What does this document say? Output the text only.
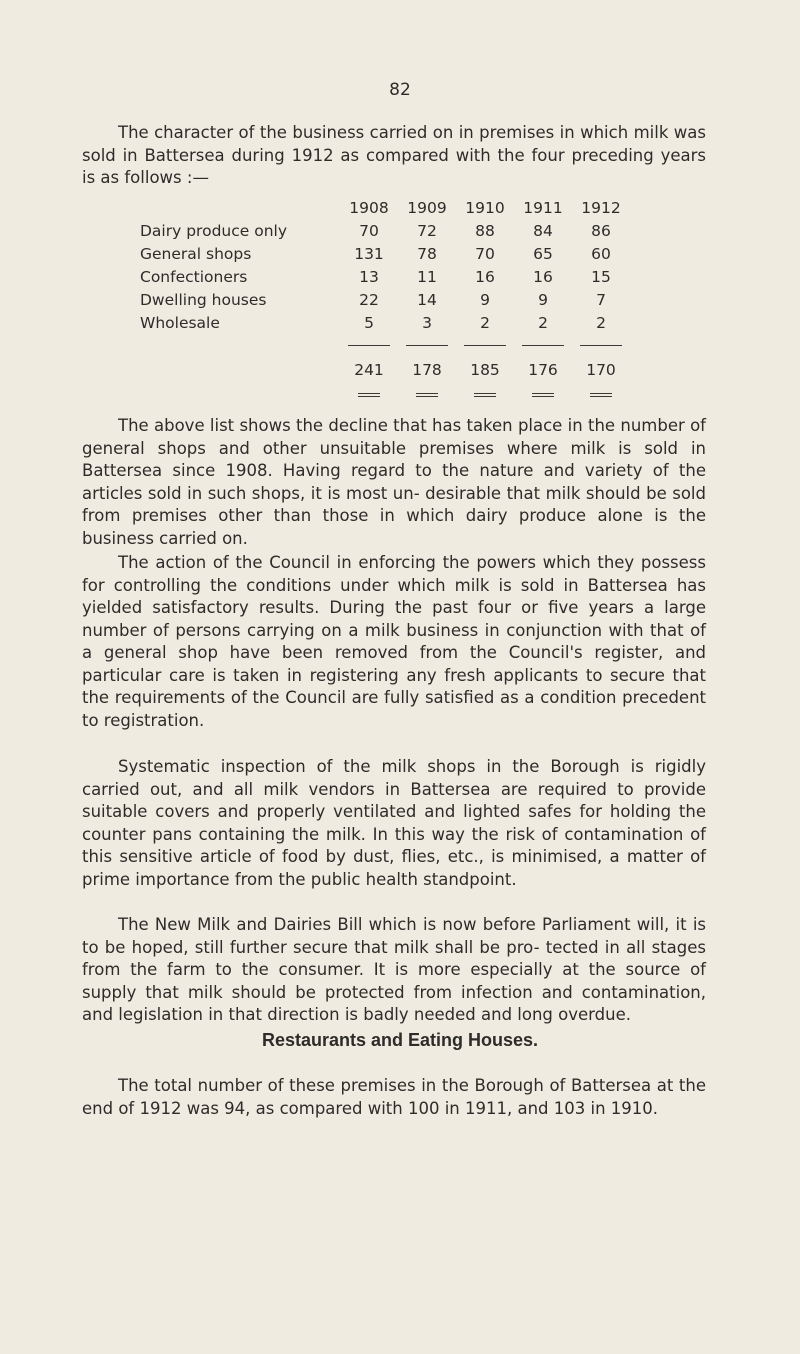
82

The character of the business carried on in premises in which milk was sold in Battersea during 1912 as compared with the four preceding years is as follows :—

	1908	1909	1910	1911	1912
Dairy produce only	70	72	88	84	86
General shops	131	78	70	65	60
Confectioners	13	11	16	16	15
Dwelling houses	22	14	9	9	7
Wholesale	5	3	2	2	2

	241	178	185	176	170

The above list shows the decline that has taken place in the number of general shops and other unsuitable premises where milk is sold in Battersea since 1908. Having regard to the nature and variety of the articles sold in such shops, it is most un- desirable that milk should be sold from premises other than those in which dairy produce alone is the business carried on.

The action of the Council in enforcing the powers which they possess for controlling the conditions under which milk is sold in Battersea has yielded satisfactory results. During the past four or five years a large number of persons carrying on a milk business in conjunction with that of a general shop have been removed from the Council's register, and particular care is taken in registering any fresh applicants to secure that the requirements of the Council are fully satisfied as a condition precedent to registration.

Systematic inspection of the milk shops in the Borough is rigidly carried out, and all milk vendors in Battersea are required to provide suitable covers and properly ventilated and lighted safes for holding the counter pans containing the milk. In this way the risk of contamination of this sensitive article of food by dust, flies, etc., is minimised, a matter of prime importance from the public health standpoint.

The New Milk and Dairies Bill which is now before Parliament will, it is to be hoped, still further secure that milk shall be pro- tected in all stages from the farm to the consumer. It is more especially at the source of supply that milk should be protected from infection and contamination, and legislation in that direction is badly needed and long overdue.

Restaurants and Eating Houses.

The total number of these premises in the Borough of Battersea at the end of 1912 was 94, as compared with 100 in 1911, and 103 in 1910.
